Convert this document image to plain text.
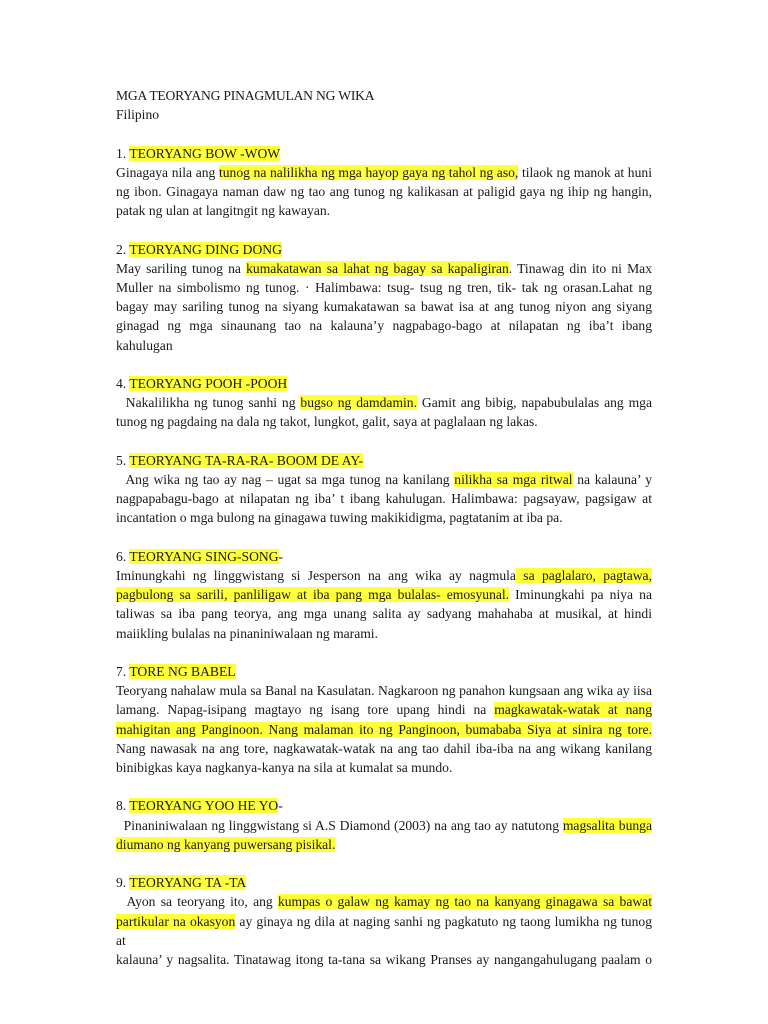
MGA TEORYANG PINAGMULAN NG WIKA
Filipino
1. TEORYANG BOW -WOW
Ginagaya nila ang tunog na nalilikha ng mga hayop gaya ng tahol ng aso, tilaok ng manok at huni
ng ibon. Ginagaya naman daw ng tao ang tunog ng kalikasan at paligid gaya ng ihip ng hangin,
patak ng ulan at langitngit ng kawayan.
2. TEORYANG DING DONG
May sariling tunog na kumakatawan sa lahat ng bagay sa kapaligiran. Tinawag din ito ni Max
Muller na simbolismo ng tunog. · Halimbawa: tsug- tsug ng tren, tik- tak ng orasan.Lahat ng
bagay may sariling tunog na siyang kumakatawan sa bawat isa at ang tunog niyon ang siyang
ginagad ng mga sinaunang tao na kalauna’y nagpabago-bago at nilapatan ng iba’t ibang kahulugan
4. TEORYANG POOH -POOH
Nakalilikha ng tunog sanhi ng bugso ng damdamin. Gamit ang bibig, napabubulalas ang mga
tunog ng pagdaing na dala ng takot, lungkot, galit, saya at paglalaan ng lakas.
5. TEORYANG TA-RA-RA- BOOM DE AY-
Ang wika ng tao ay nag – ugat sa mga tunog na kanilang nilikha sa mga ritwal na kalauna’ y
nagpapabagu-bago at nilapatan ng iba’ t ibang kahulugan. Halimbawa: pagsayaw, pagsigaw at
incantation o mga bulong na ginagawa tuwing makikidigma, pagtatanim at iba pa.
6. TEORYANG SING-SONG-
Iminungkahi ng linggwistang si Jesperson na ang wika ay nagmula sa paglalaro, pagtawa,
pagbulong sa sarili, panliligaw at iba pang mga bulalas- emosyunal. Iminungkahi pa niya na
taliwas sa iba pang teorya, ang mga unang salita ay sadyang mahahaba at musikal, at hindi
maiikling bulalas na pinaniniwalaan ng marami.
7. TORE NG BABEL
Teoryang nahalaw mula sa Banal na Kasulatan. Nagkaroon ng panahon kungsaan ang wika ay iisa
lamang. Napag-isipang magtayo ng isang tore upang hindi na magkawatak-watak at nang
mahigitan ang Panginoon. Nang malaman ito ng Panginoon, bumababa Siya at sinira ng tore.
Nang nawasak na ang tore, nagkawatak-watak na ang tao dahil iba-iba na ang wikang kanilang
binibigkas kaya nagkanya-kanya na sila at kumalat sa mundo.
8. TEORYANG YOO HE YO-
Pinaniniwalaan ng linggwistang si A.S Diamond (2003) na ang tao ay natutong magsalita bunga
diumano ng kanyang puwersang pisikal.
9. TEORYANG TA -TA
Ayon sa teoryang ito, ang kumpas o galaw ng kamay ng tao na kanyang ginagawa sa bawat
partikular na okasyon ay ginaya ng dila at naging sanhi ng pagkatuto ng taong lumikha ng tunog at
kalauna’ y nagsalita. Tinatawag itong ta-tana sa wikang Pranses ay nangangahulugang paalam o
